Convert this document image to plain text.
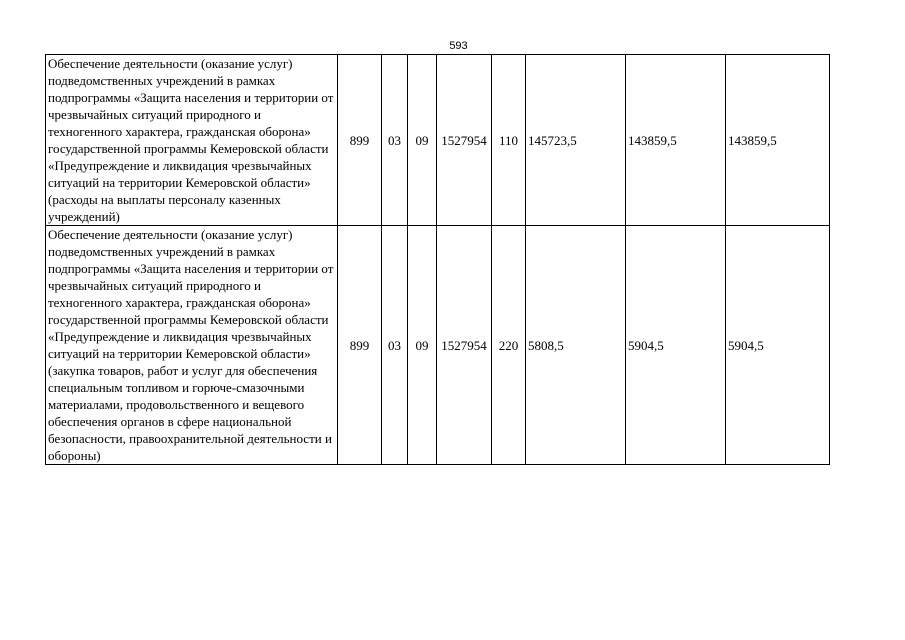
593
Обеспечение деятельности (оказание услуг) подведомственных учреждений в рамках подпрограммы «Защита населения и территории от чрезвычайных ситуаций природного и техногенного характера, гражданская оборона» государственной программы Кемеровской области «Предупреждение и ликвидация чрезвычайных ситуаций на территории Кемеровской области» (расходы на выплаты персоналу казенных учреждений)	899	03	09	1527954	110	145723,5	143859,5	143859,5
Обеспечение деятельности (оказание услуг) подведомственных учреждений в рамках подпрограммы «Защита населения и территории от чрезвычайных ситуаций природного и техногенного характера, гражданская оборона» государственной программы Кемеровской области «Предупреждение и ликвидация чрезвычайных ситуаций на территории Кемеровской области» (закупка товаров, работ и услуг для обеспечения специальным топливом и горюче-смазочными материалами, продовольственного и вещевого обеспечения органов в сфере национальной безопасности, правоохранительной деятельности и обороны)	899	03	09	1527954	220	5808,5	5904,5	5904,5
